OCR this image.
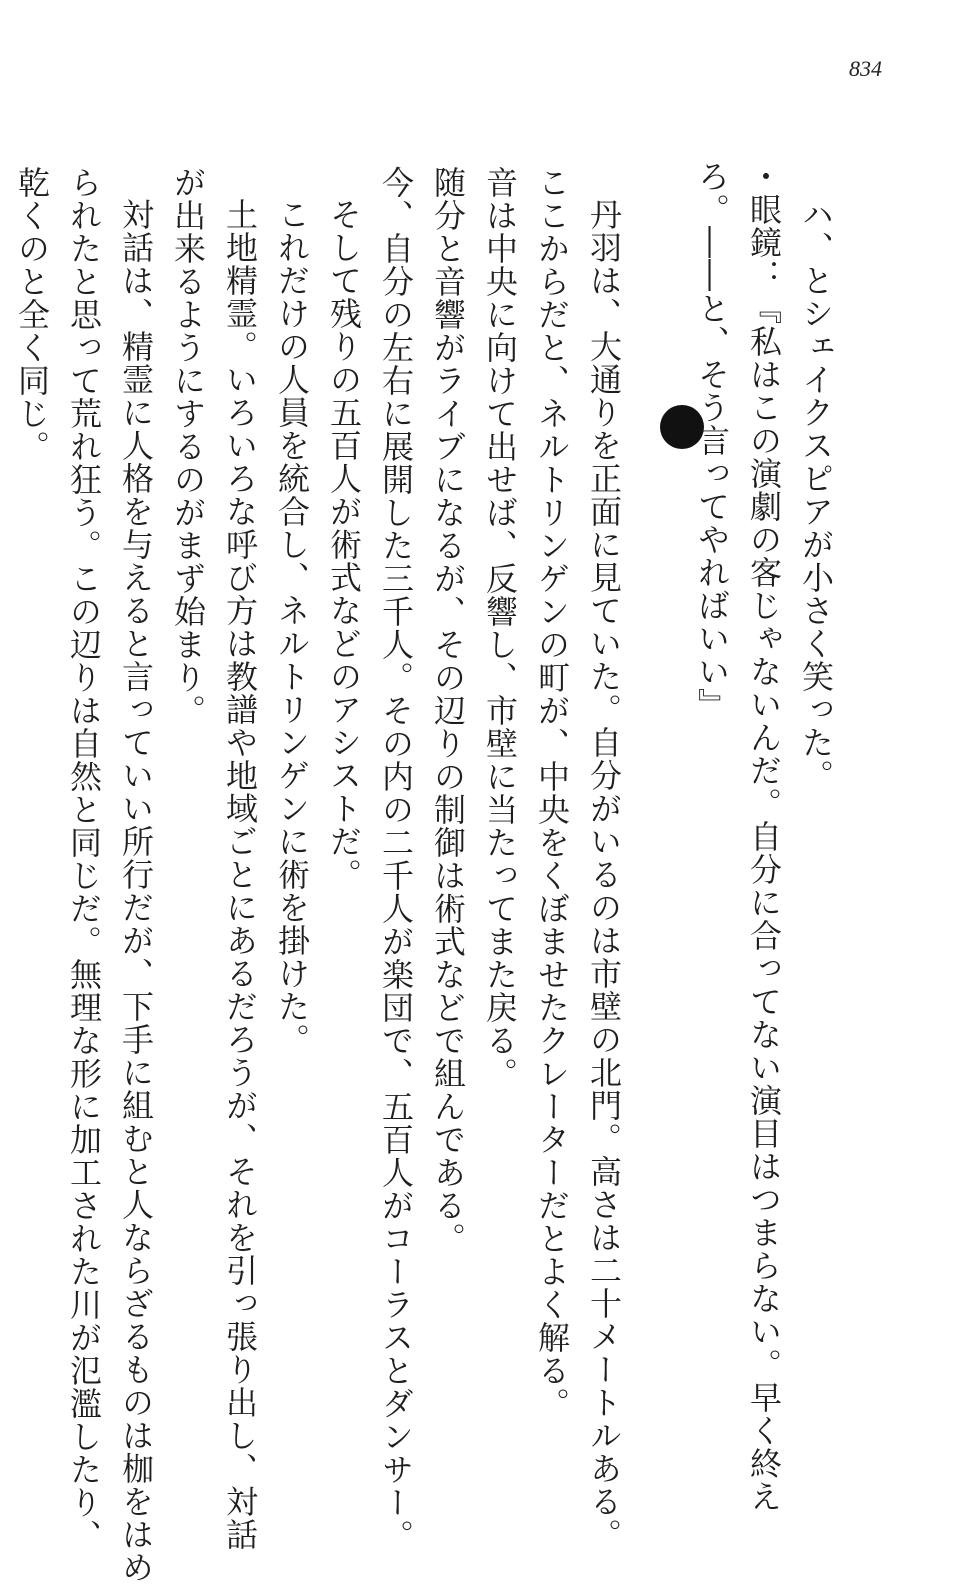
834
ハ、とシェイクスピアが小さく笑った。
・眼鏡：『私はこの演劇の客じゃないんだ。自分に合ってない演目はつまらない。早く終え
ろ。――と、そう言ってやればいい』
丹羽は、大通りを正面に見ていた。自分がいるのは市壁の北門。高さは二十メートルある。
ここからだと、ネルトリンゲンの町が、中央をくぼませたクレーターだとよく解る。
音は中央に向けて出せば、反響し、市壁に当たってまた戻る。
随分と音響がライブになるが、その辺りの制御は術式などで組んである。
今、自分の左右に展開した三千人。その内の二千人が楽団で、五百人がコーラスとダンサー。
そして残りの五百人が術式などのアシストだ。
これだけの人員を統合し、ネルトリンゲンに術を掛けた。
土地精霊。いろいろな呼び方は教譜や地域ごとにあるだろうが、それを引っ張り出し、対話
が出来るようにするのがまず始まり。
対話は、精霊に人格を与えると言っていい所行だが、下手に組むと人ならざるものは枷をはめ
られたと思って荒れ狂う。この辺りは自然と同じだ。無理な形に加工された川が氾濫したり、
乾くのと全く同じ。
